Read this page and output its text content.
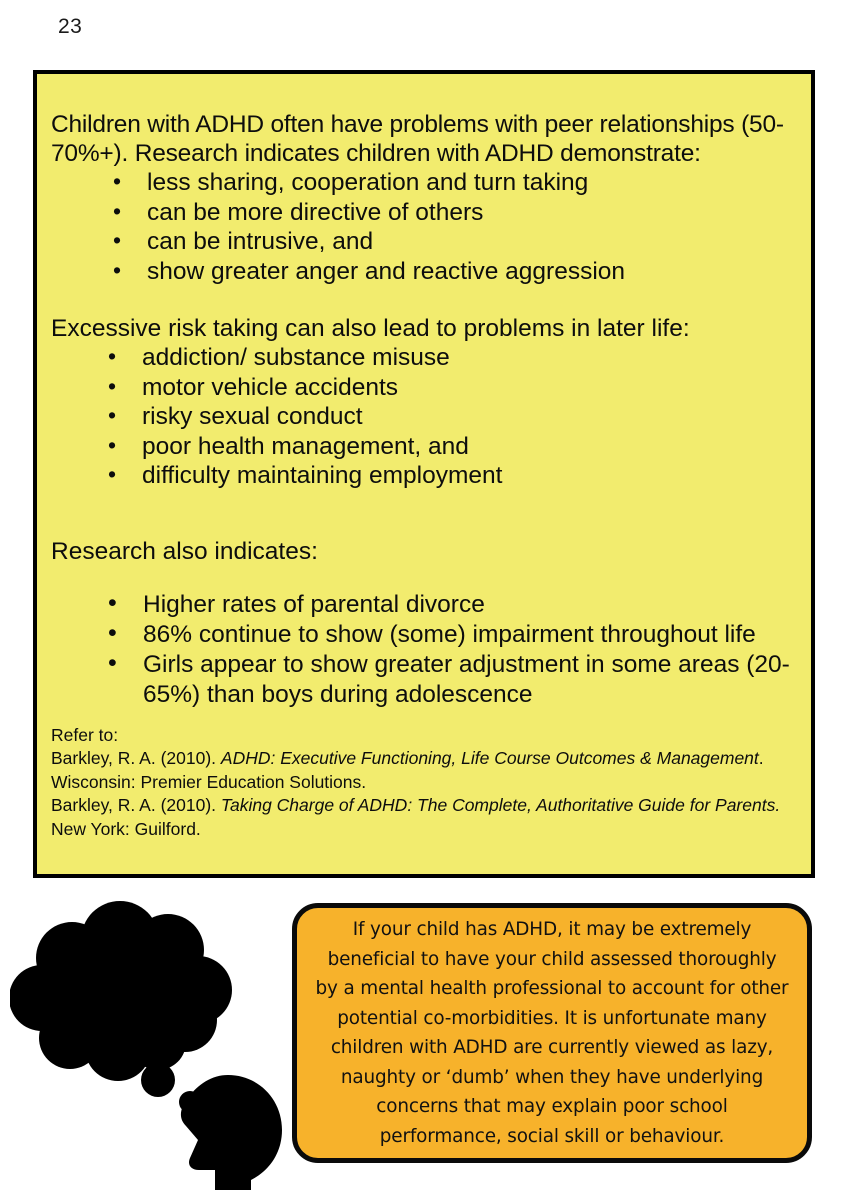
23

Children with ADHD often have problems with peer relationships (50-70%+). Research indicates children with ADHD demonstrate:

• less sharing, cooperation and turn taking
• can be more directive of others
• can be intrusive, and
• show greater anger and reactive aggression

Excessive risk taking can also lead to problems in later life:

• addiction/ substance misuse
• motor vehicle accidents
• risky sexual conduct
• poor health management, and
• difficulty maintaining employment

Research also indicates:

• Higher rates of parental divorce
• 86% continue to show (some) impairment throughout life
• Girls appear to show greater adjustment in some areas (20-65%) than boys during adolescence
Refer to:
Barkley, R. A. (2010). ADHD: Executive Functioning, Life Course Outcomes & Management. Wisconsin: Premier Education Solutions.
Barkley, R. A. (2010). Taking Charge of ADHD: The Complete, Authoritative Guide for Parents. New York: Guilford.

If your child has ADHD, it may be extremely beneficial to have your child assessed thoroughly by a mental health professional to account for other potential co-morbidities. It is unfortunate many children with ADHD are currently viewed as lazy, naughty or ‘dumb’ when they have underlying concerns that may explain poor school performance, social skill or behaviour.
